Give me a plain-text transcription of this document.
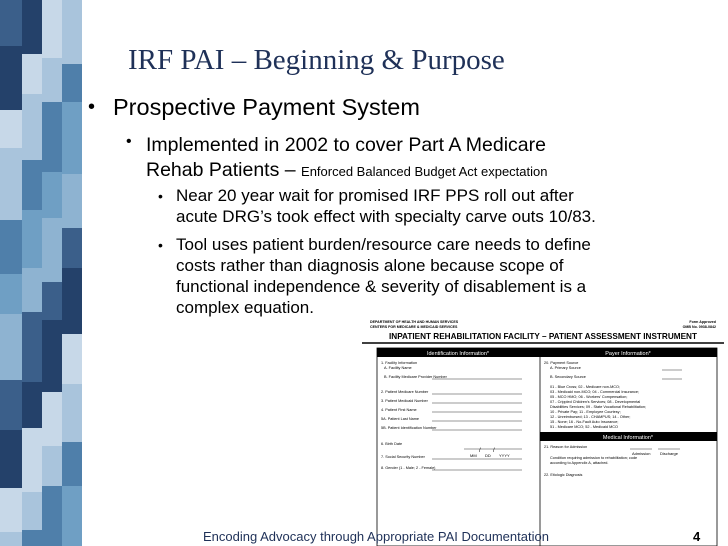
IRF PAI – Beginning & Purpose
• Prospective Payment System
• Implemented in 2002 to cover Part A Medicare
Rehab Patients – Enforced Balanced Budget Act expectation
• Near 20 year wait for promised IRF PPS roll out after
acute DRG’s took effect with specialty carve outs 10/83.
• Tool uses patient burden/resource care needs to define
costs rather than diagnosis alone because scope of
functional independence & severity of disablement is a
complex equation.
DEPARTMENT OF HEALTH AND HUMAN SERVICES
CENTERS FOR MEDICARE & MEDICAID SERVICES
Form Approved
OMB No. 0938-0842
INPATIENT REHABILITATION FACILITY – PATIENT ASSESSMENT INSTRUMENT
Identification Information*	Payer Information*
1. Facility Information
A. Facility Name
B. Facility Medicare Provider Number
2. Patient Medicare Number
3. Patient Medicaid Number
4. Patient First Name
5A. Patient Last Name
5B. Patient Identification Number
6. Birth Date
7. Social Security Number
8. Gender (1 - Male; 2 - Female)
20. Payment Source
A. Primary Source
B. Secondary Source
01 - Blue Cross; 02 - Medicare non-MCO;
03 - Medicaid non-MCO; 04 - Commercial Insurance;
05 - MCO HMO; 06 - Workers' Compensation;
07 - Crippled Children's Services; 08 - Developmental
Disabilities Services; 09 - State Vocational Rehabilitation;
10 - Private Pay; 11 - Employee Courtesy;
12 - Unreimbursed; 13 - CHAMPUS; 14 - Other;
15 - None; 16 - No-Fault Auto Insurance;
51 - Medicare MCO; 52 - Medicaid MCO
21. Reason for Admission
Condition requiring admission to rehabilitation; code
according to Appendix A, attached.
22. Etiologic Diagnosis
Medical Information*
MM DD YYYY
/ /	Admission Discharge
Encoding Advocacy through Appropriate PAI Documentation	4
